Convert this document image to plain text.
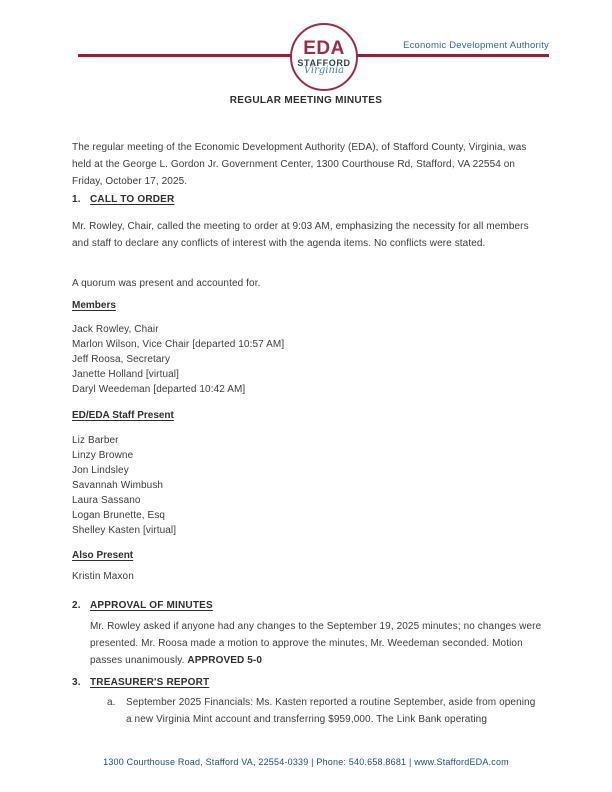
Economic Development Authority
EDA
STAFFORD
Virginia
REGULAR MEETING MINUTES
The regular meeting of the Economic Development Authority (EDA), of Stafford County, Virginia, was held at the George L. Gordon Jr. Government Center, 1300 Courthouse Rd, Stafford, VA 22554 on Friday, October 17, 2025.
1. CALL TO ORDER
Mr. Rowley, Chair, called the meeting to order at 9:03 AM, emphasizing the necessity for all members and staff to declare any conflicts of interest with the agenda items. No conflicts were stated.
A quorum was present and accounted for.
Members
Jack Rowley, Chair
Marlon Wilson, Vice Chair [departed 10:57 AM]
Jeff Roosa, Secretary
Janette Holland [virtual]
Daryl Weedeman [departed 10:42 AM]
ED/EDA Staff Present
Liz Barber
Linzy Browne
Jon Lindsley
Savannah Wimbush
Laura Sassano
Logan Brunette, Esq
Shelley Kasten [virtual]
Also Present
Kristin Maxon
2. APPROVAL OF MINUTES
Mr. Rowley asked if anyone had any changes to the September 19, 2025 minutes; no changes were presented. Mr. Roosa made a motion to approve the minutes, Mr. Weedeman seconded. Motion passes unanimously. APPROVED 5-0
3. TREASURER'S REPORT
a.	September 2025 Financials: Ms. Kasten reported a routine September, aside from opening a new Virginia Mint account and transferring $959,000. The Link Bank operating
1300 Courthouse Road, Stafford VA, 22554-0339 | Phone: 540.658.8681 | www.StaffordEDA.com
